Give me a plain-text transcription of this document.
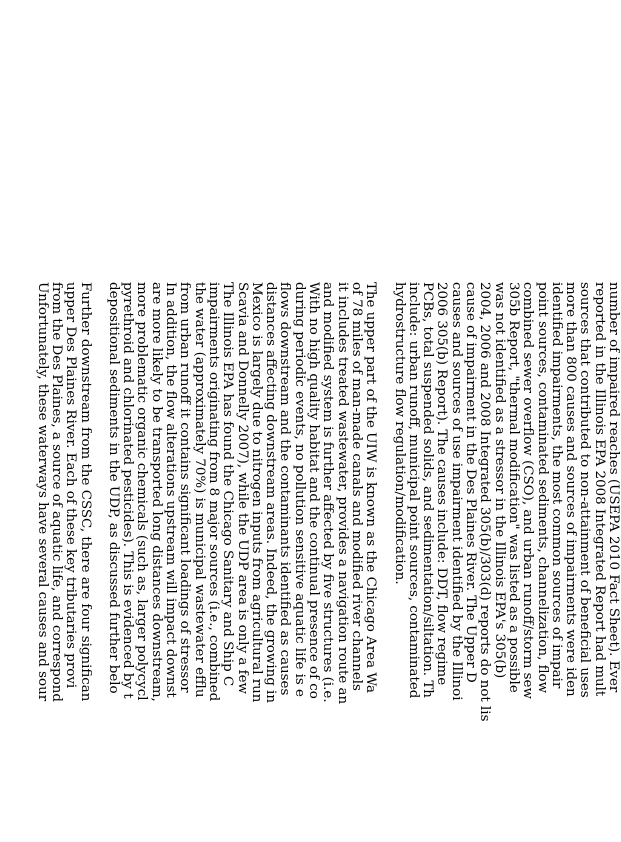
number of impaired reaches (USEPA 2010 Fact Sheet). Ever
reported in the Illinois EPA 2008 Integrated Report had mult
sources that contributed to non-attainment of beneficial uses
more than 800 causes and sources of impairments were iden
identified impairments, the most common sources of impair
point sources, contaminated sediments, channelization, flow
combined sewer overflow (CSO), and urban runoff/storm sew
305b Report, "thermal modification" was listed as a possible
was not identified as a stressor in the Illinois EPA's 305(b)
2004, 2006 and 2008 Integrated 305(b)/303(d) reports do not lis
cause of impairment in the Des Plaines River. The Upper D
causes and sources of use impairment identified by the Illinoi
2006 305(b) Report). The causes include: DDT, flow regime
PCBs, total suspended solids, and sedimentation/siltation. Th
include: urban runoff, municipal point sources, contaminated
hydrostructure flow regulation/modification.
The upper part of the UIW is known as the Chicago Area Wa
of 78 miles of man-made canals and modified river channels
it includes treated wastewater, provides a navigation route an
and modified system is further affected by five structures (i.e.
With no high quality habitat and the continual presence of co
during periodic events, no pollution sensitive aquatic life is e
flows downstream and the contaminants identified as causes
distances affecting downstream areas. Indeed, the growing in
Mexico is largely due to nitrogen inputs from agricultural run
Scavia and Donnelly 2007), while the UDP area is only a few
The Illinois EPA has found the Chicago Sanitary and Ship C
impairments originating from 8 major sources (i.e., combined
the water (approximately 70%) is municipal wastewater efflu
from urban runoff it contains significant loadings of stressor
In addition, the flow alterations upstream will impact downst
are more likely to be transported long distances downstream,
more problematic organic chemicals (such as, larger polycycl
pyrethroid and chlorinated pesticides). This is evidenced by t
depositional sediments in the UDP, as discussed further belo
Further downstream from the CSSC, there are four significan
upper Des Plaines River. Each of these key tributaries provi
from the Des Plaines, a source of aquatic life, and correspond
Unfortunately, these waterways have several causes and sour
